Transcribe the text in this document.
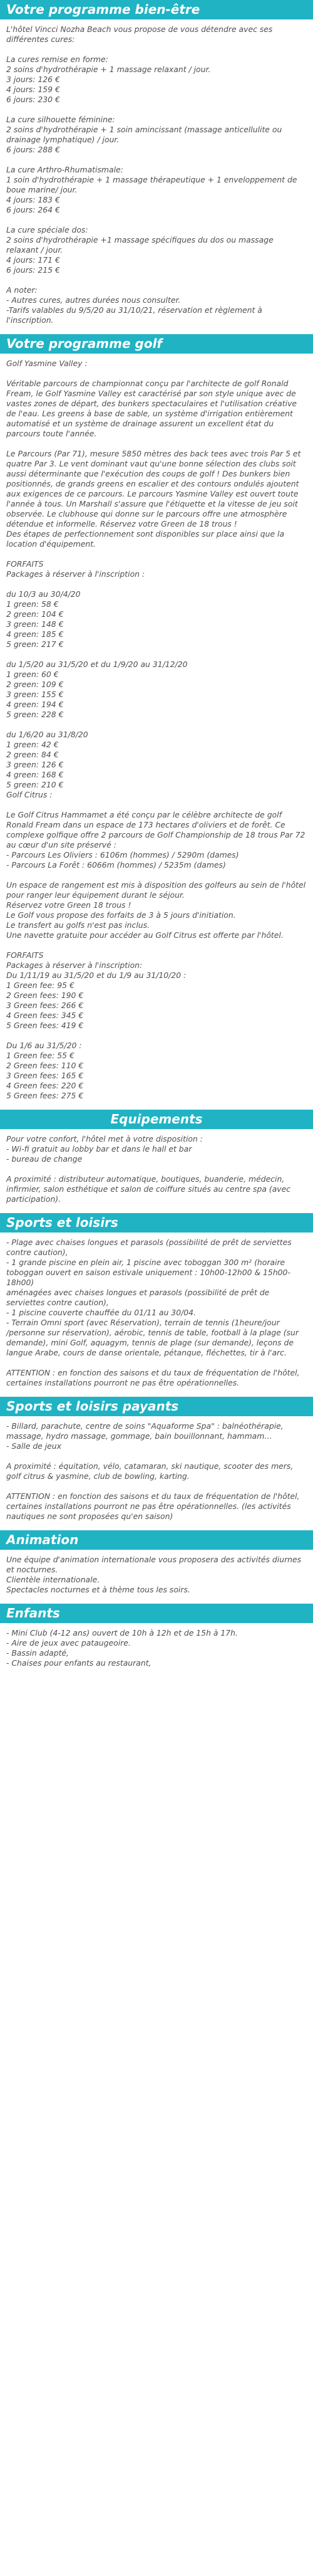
Votre programme bien-être

L'hôtel Vincci Nozha Beach vous propose de vous détendre avec ses différentes cures:

La cures remise en forme:
2 soins d'hydrothérapie + 1 massage relaxant / jour.
3 jours: 126 €
4 jours: 159 €
6 jours: 230 €

La cure silhouette féminine:
2 soins d'hydrothérapie + 1 soin amincissant (massage anticellulite ou drainage lymphatique) / jour.
6 jours: 288 €

La cure Arthro-Rhumatismale:
1 soin d'hydrothérapie + 1 massage thérapeutique + 1 enveloppement de boue marine/ jour.
4 jours: 183 €
6 jours: 264 €

La cure spéciale dos:
2 soins d'hydrothérapie +1 massage spécifiques du dos ou massage relaxant / jour.
4 jours: 171 €
6 jours: 215 €

A noter:
- Autres cures, autres durées nous consulter.
-Tarifs valables du 9/5/20 au 31/10/21, réservation et règlement à l'inscription.

Votre programme golf

Golf Yasmine Valley :

Véritable parcours de championnat conçu par l'architecte de golf Ronald Fream, le Golf Yasmine Valley est caractérisé par son style unique avec de vastes zones de départ, des bunkers spectaculaires et l'utilisation créative de l'eau. Les greens à base de sable, un système d'irrigation entièrement automatisé et un système de drainage assurent un excellent état du parcours toute l'année.

Le Parcours (Par 71), mesure 5850 mètres des back tees avec trois Par 5 et quatre Par 3. Le vent dominant vaut qu'une bonne sélection des clubs soit aussi déterminante que l'exécution des coups de golf ! Des bunkers bien positionnés, de grands greens en escalier et des contours ondulés ajoutent aux exigences de ce parcours. Le parcours Yasmine Valley est ouvert toute l'année à tous. Un Marshall s'assure que l'étiquette et la vitesse de jeu soit observée. Le clubhouse qui donne sur le parcours offre une atmosphère détendue et informelle. Réservez votre Green de 18 trous !
Des étapes de perfectionnement sont disponibles sur place ainsi que la location d'équipement.

FORFAITS
Packages à réserver à l'inscription :

du 10/3 au 30/4/20
1 green: 58 €
2 green: 104 €
3 green: 148 €
4 green: 185 €
5 green: 217 €

du 1/5/20 au 31/5/20 et du 1/9/20 au 31/12/20
1 green: 60 €
2 green: 109 €
3 green: 155 €
4 green: 194 €
5 green: 228 €

du 1/6/20 au 31/8/20
1 green: 42 €
2 green: 84 €
3 green: 126 €
4 green: 168 €
5 green: 210 €
Golf Citrus :

Le Golf Citrus Hammamet a été conçu par le célèbre architecte de golf Ronald Fream dans un espace de 173 hectares d'oliviers et de forêt. Ce complexe golfique offre 2 parcours de Golf Championship de 18 trous Par 72 au cœur d'un site préservé :
- Parcours Les Oliviers : 6106m (hommes) / 5290m (dames)
- Parcours La Forêt : 6066m (hommes) / 5235m (dames)

Un espace de rangement est mis à disposition des golfeurs au sein de l'hôtel pour ranger leur équipement durant le séjour.
Réservez votre Green 18 trous !
Le Golf vous propose des forfaits de 3 à 5 jours d'initiation.
Le transfert au golfs n'est pas inclus.
Une navette gratuite pour accéder au Golf Citrus est offerte par l'hôtel.

FORFAITS
Packages à réserver à l'inscription:
Du 1/11/19 au 31/5/20 et du 1/9 au 31/10/20 :
1 Green fee: 95 €
2 Green fees: 190 €
3 Green fees: 266 €
4 Green fees: 345 €
5 Green fees: 419 €

Du 1/6 au 31/5/20 :
1 Green fee: 55 €
2 Green fees: 110 €
3 Green fees: 165 €
4 Green fees: 220 €
5 Green fees: 275 €

Equipements

Pour votre confort, l'hôtel met à votre disposition :
- Wi-fi gratuit au lobby bar et dans le hall et bar
- bureau de change

A proximité : distributeur automatique, boutiques, buanderie, médecin, infirmier, salon esthétique et salon de coiffure situés au centre spa (avec participation).

Sports et loisirs

- Plage avec chaises longues et parasols (possibilité de prêt de serviettes contre caution),
- 1 grande piscine en plein air, 1 piscine avec toboggan 300 m² (horaire toboggan ouvert en saison estivale uniquement : 10h00-12h00 & 15h00-18h00)
aménagées avec chaises longues et parasols (possibilité de prêt de serviettes contre caution),
- 1 piscine couverte chauffée du 01/11 au 30/04.
- Terrain Omni sport (avec Réservation), terrain de tennis (1heure/jour /personne sur réservation), aérobic, tennis de table, football à la plage (sur demande), mini Golf, aquagym, tennis de plage (sur demande), leçons de langue Arabe, cours de danse orientale, pétanque, fléchettes, tir à l'arc.

ATTENTION : en fonction des saisons et du taux de fréquentation de l'hôtel, certaines installations pourront ne pas être opérationnelles.

Sports et loisirs payants

- Billard, parachute, centre de soins "Aquaforme Spa" : balnéothérapie, massage, hydro massage, gommage, bain bouillonnant, hammam…
- Salle de jeux

A proximité : équitation, vélo, catamaran, ski nautique, scooter des mers, golf citrus & yasmine, club de bowling, karting.

ATTENTION : en fonction des saisons et du taux de fréquentation de l'hôtel, certaines installations pourront ne pas être opérationnelles. (les activités nautiques ne sont proposées qu'en saison)

Animation

Une équipe d'animation internationale vous proposera des activités diurnes et nocturnes.
Clientèle internationale.
Spectacles nocturnes et à thème tous les soirs.

Enfants

- Mini Club (4-12 ans) ouvert de 10h à 12h et de 15h à 17h.
- Aire de jeux avec pataugeoire.
- Bassin adapté,
- Chaises pour enfants au restaurant,
